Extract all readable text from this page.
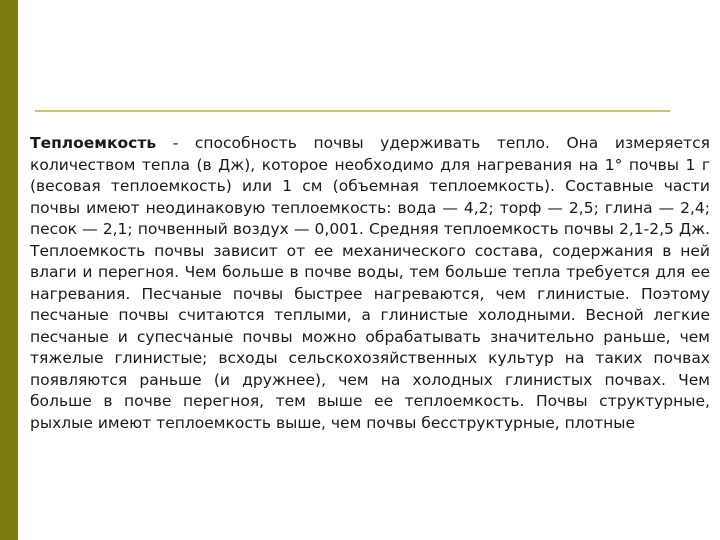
Теплоемкость - способность почвы удерживать тепло. Она измеряется количеством тепла (в Дж), которое необходимо для нагревания на 1° почвы 1 г (весовая теплоемкость) или 1 см (объемная теплоемкость). Составные части почвы имеют неодинаковую теплоемкость: вода — 4,2; торф — 2,5; глина — 2,4; песок — 2,1; почвенный воздух — 0,001. Средняя теплоемкость почвы 2,1-2,5 Дж. Теплоемкость почвы зависит от ее механического состава, содержания в ней влаги и перегноя. Чем больше в почве воды, тем больше тепла требуется для ее нагревания. Песчаные почвы быстрее нагреваются, чем глинистые. Поэтому песчаные почвы считаются теплыми, а глинистые холодными. Весной легкие песчаные и супесчаные почвы можно обрабатывать значительно раньше, чем тяжелые глинистые; всходы сельскохозяйственных культур на таких почвах появляются раньше (и дружнее), чем на холодных глинистых почвах. Чем больше в почве перегноя, тем выше ее теплоемкость. Почвы структурные, рыхлые имеют теплоемкость выше, чем почвы бесструктурные, плотные
